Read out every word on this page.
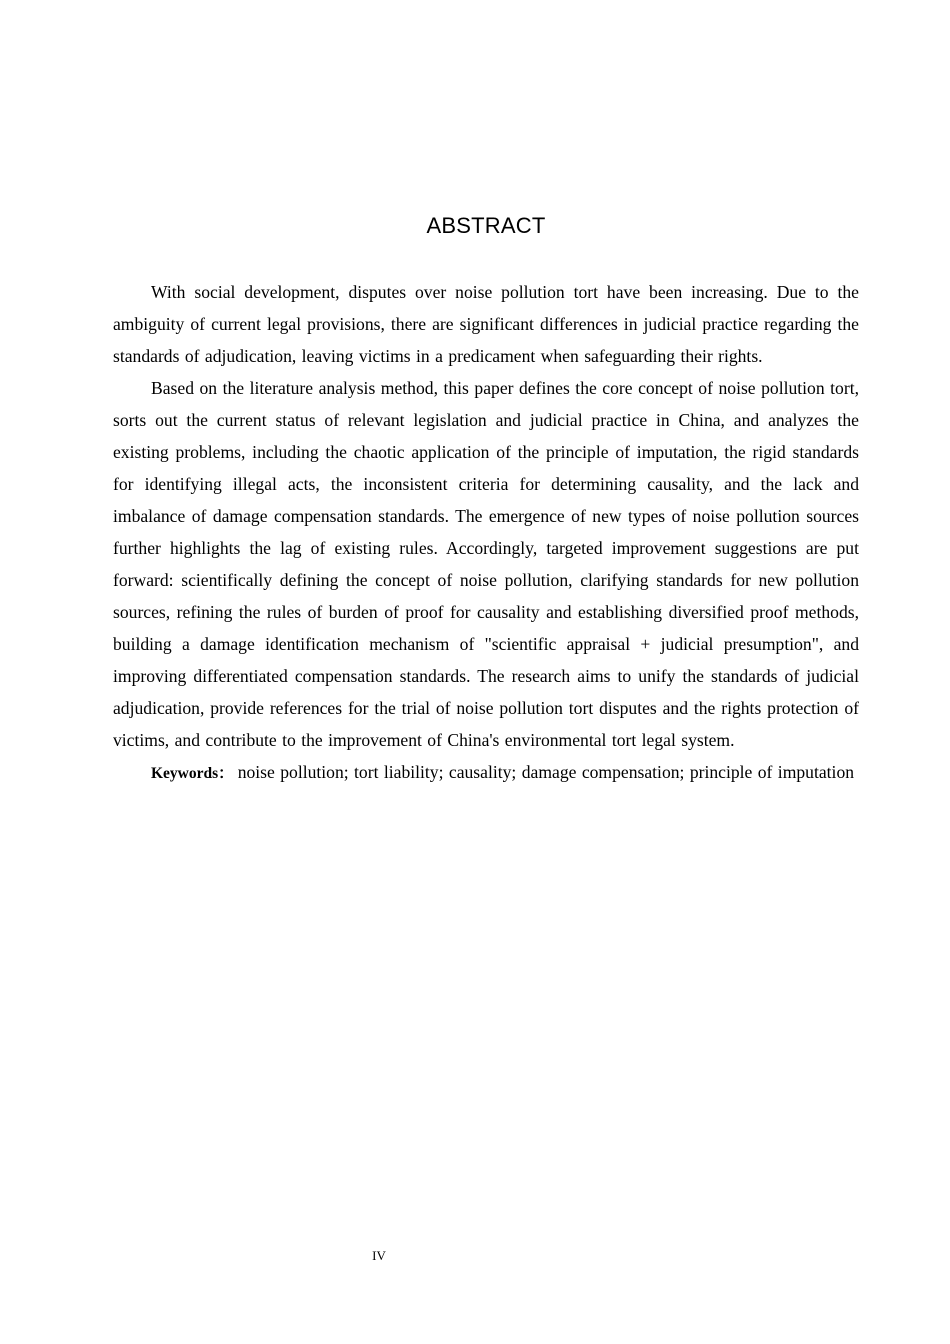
ABSTRACT

With social development, disputes over noise pollution tort have been increasing. Due to the ambiguity of current legal provisions, there are significant differences in judicial practice regarding the standards of adjudication, leaving victims in a predicament when safeguarding their rights.

Based on the literature analysis method, this paper defines the core concept of noise pollution tort, sorts out the current status of relevant legislation and judicial practice in China, and analyzes the existing problems, including the chaotic application of the principle of imputation, the rigid standards for identifying illegal acts, the inconsistent criteria for determining causality, and the lack and imbalance of damage compensation standards. The emergence of new types of noise pollution sources further highlights the lag of existing rules. Accordingly, targeted improvement suggestions are put forward: scientifically defining the concept of noise pollution, clarifying standards for new pollution sources, refining the rules of burden of proof for causality and establishing diversified proof methods, building a damage identification mechanism of "scientific appraisal + judicial presumption", and improving differentiated compensation standards. The research aims to unify the standards of judicial adjudication, provide references for the trial of noise pollution tort disputes and the rights protection of victims, and contribute to the improvement of China's environmental tort legal system.

Keywords： noise pollution; tort liability; causality; damage compensation; principle of imputation

IV
